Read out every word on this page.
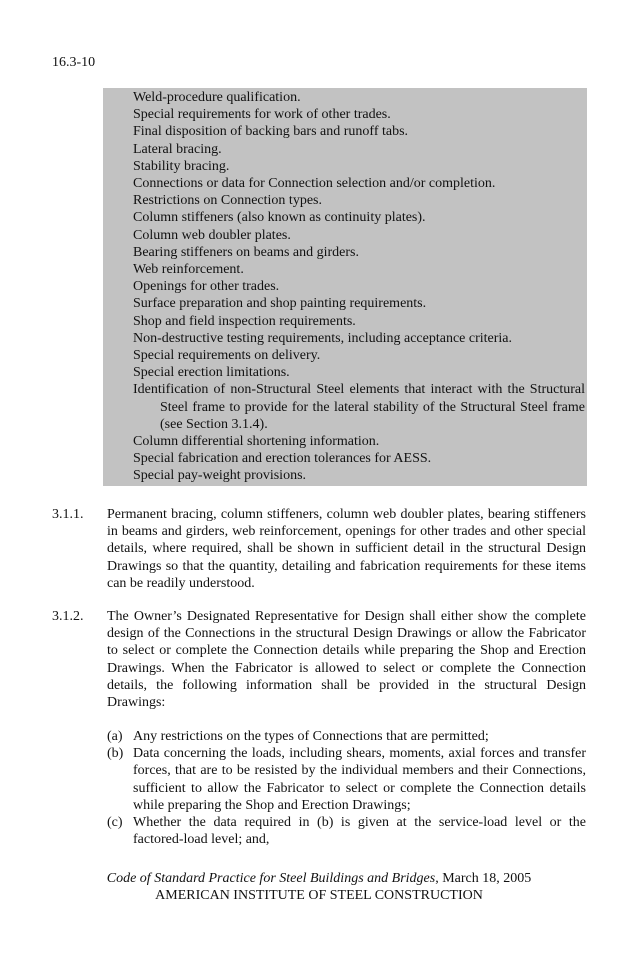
16.3-10
Weld-procedure qualification.
Special requirements for work of other trades.
Final disposition of backing bars and runoff tabs.
Lateral bracing.
Stability bracing.
Connections or data for Connection selection and/or completion.
Restrictions on Connection types.
Column stiffeners (also known as continuity plates).
Column web doubler plates.
Bearing stiffeners on beams and girders.
Web reinforcement.
Openings for other trades.
Surface preparation and shop painting requirements.
Shop and field inspection requirements.
Non-destructive testing requirements, including acceptance criteria.
Special requirements on delivery.
Special erection limitations.
Identification of non-Structural Steel elements that interact with the Structural Steel frame to provide for the lateral stability of the Structural Steel frame (see Section 3.1.4).
Column differential shortening information.
Special fabrication and erection tolerances for AESS.
Special pay-weight provisions.
3.1.1. Permanent bracing, column stiffeners, column web doubler plates, bearing stiffeners in beams and girders, web reinforcement, openings for other trades and other special details, where required, shall be shown in sufficient detail in the structural Design Drawings so that the quantity, detailing and fabrication requirements for these items can be readily understood.
3.1.2. The Owner’s Designated Representative for Design shall either show the complete design of the Connections in the structural Design Drawings or allow the Fabricator to select or complete the Connection details while preparing the Shop and Erection Drawings. When the Fabricator is allowed to select or complete the Connection details, the following information shall be provided in the structural Design Drawings:
(a) Any restrictions on the types of Connections that are permitted;
(b) Data concerning the loads, including shears, moments, axial forces and transfer forces, that are to be resisted by the individual members and their Connections, sufficient to allow the Fabricator to select or complete the Connection details while preparing the Shop and Erection Drawings;
(c) Whether the data required in (b) is given at the service-load level or the factored-load level; and,
Code of Standard Practice for Steel Buildings and Bridges, March 18, 2005
AMERICAN INSTITUTE OF STEEL CONSTRUCTION
